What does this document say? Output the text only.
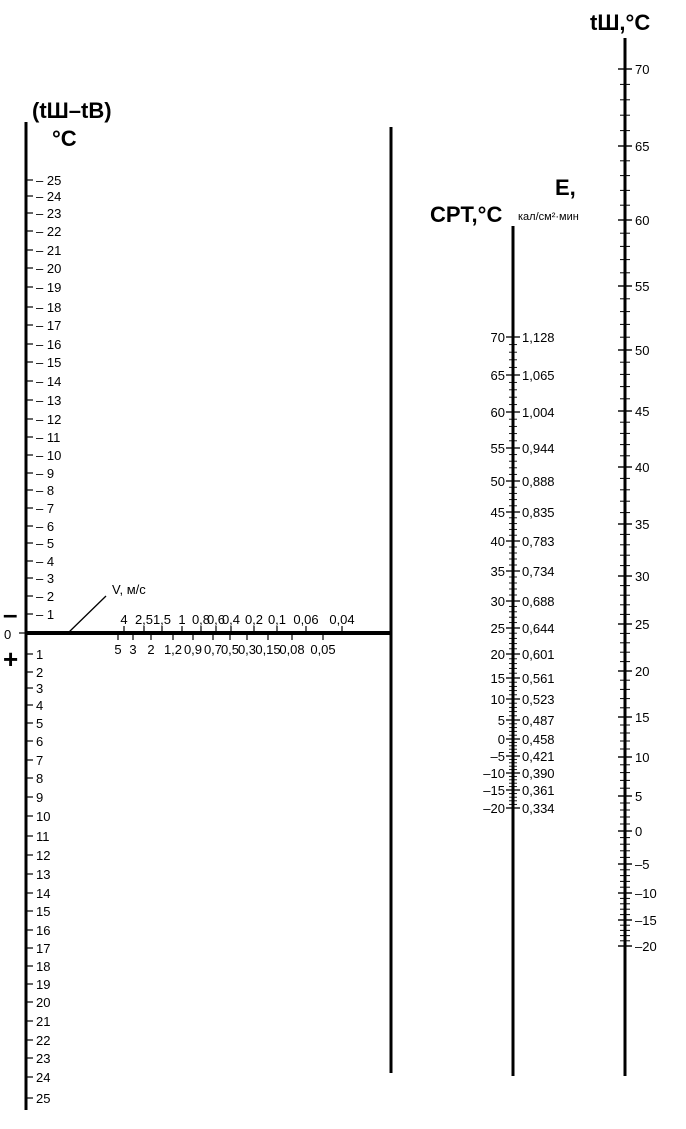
(tШ–tВ)
°C
– 1
– 2
– 3
– 4
– 5
– 6
– 7
– 8
– 9
– 10
– 11
– 12
– 13
– 14
– 15
– 16
– 17
– 18
– 19
– 20
– 21
– 22
– 23
– 24
– 25
1
2
3
4
5
6
7
8
9
10
11
12
13
14
15
16
17
18
19
20
21
22
23
24
25
0
–
+
V, м/c
4 2,5 1,5 1 0,8
0,6
0,4 0,2 0,1 0,06 0,04
5 3 2 1,2 0,9 0,7
0,5
0,3 0,15
0,08 0,05
CPT,°C
E,
кал/см²·мин
70
65
60
55
50
45
40
35
30
25
20
15
10
5
0
–5
–10
–15
–20
1,128
1,065
1,004
0,944
0,888
0,835
0,783
0,734
0,688
0,644
0,601
0,561
0,523
0,487
0,458
0,421
0,390
0,361
0,334
tШ,°C
70
65
60
55
50
45
40
35
30
25
20
15
10
5
0
–5
–10
–15
–20
